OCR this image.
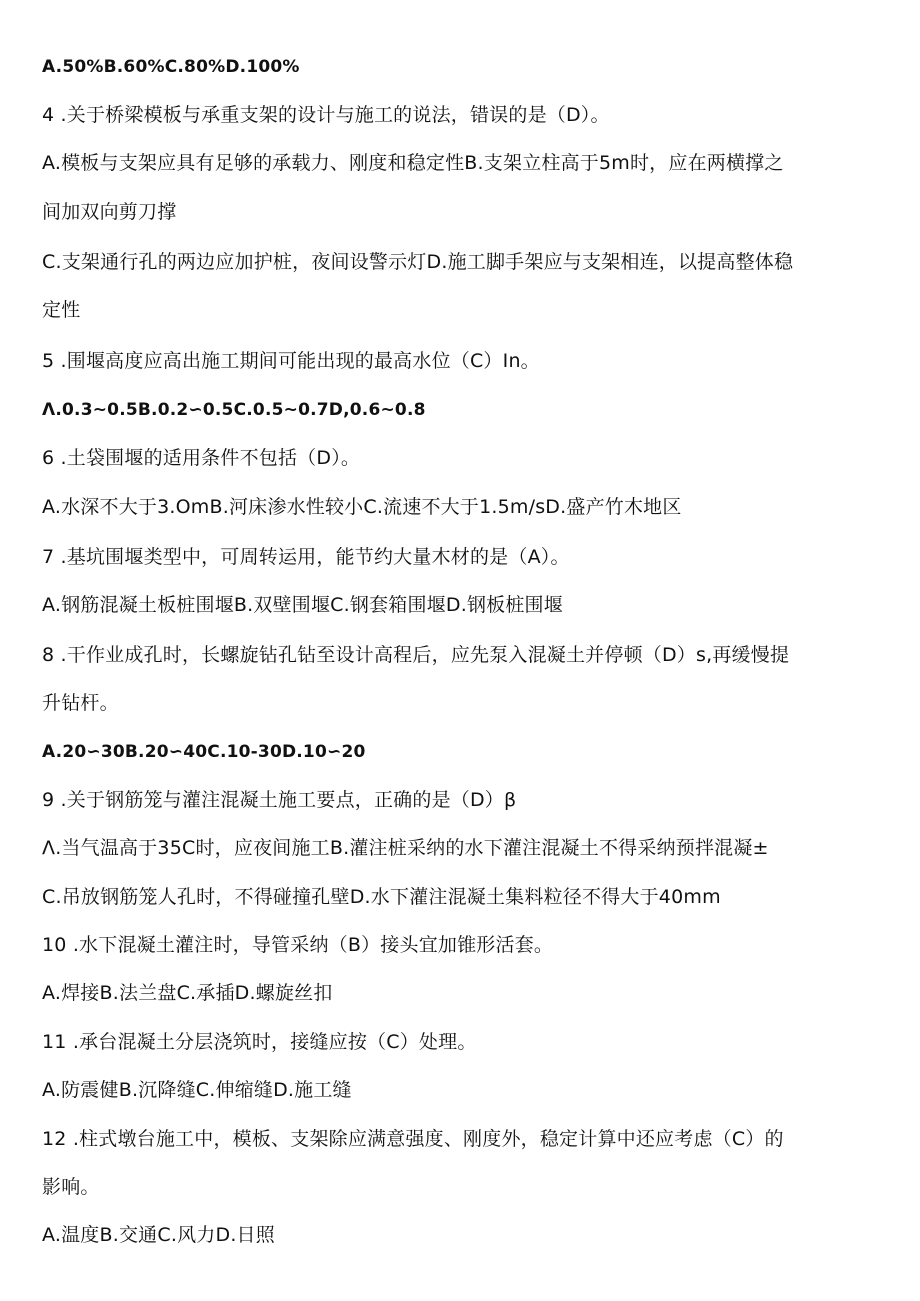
A.50%B.60%C.80%D.100%
4 .关于桥梁模板与承重支架的设计与施工的说法，错误的是（D）。
A.模板与支架应具有足够的承载力、刚度和稳定性B.支架立柱高于5m时，应在两横撑之
间加双向剪刀撑
C.支架通行孔的两边应加护桩，夜间设警示灯D.施工脚手架应与支架相连，以提高整体稳
定性
5 .围堰高度应高出施工期间可能出现的最高水位（C）In。
Λ.0.3~0.5B.0.2∽0.5C.0.5~0.7D,0.6~0.8
6 .土袋围堰的适用条件不包括（D）。
A.水深不大于3.OmB.河床渗水性较小C.流速不大于1.5m/sD.盛产竹木地区
7 .基坑围堰类型中，可周转运用，能节约大量木材的是（A）。
A.钢筋混凝土板桩围堰B.双壁围堰C.钢套箱围堰D.钢板桩围堰
8 .干作业成孔时，长螺旋钻孔钻至设计高程后，应先泵入混凝土并停顿（D）s,再缓慢提
升钻杆。
A.20∽30B.20∽40C.10-30D.10∽20
9 .关于钢筋笼与灌注混凝土施工要点，正确的是（D）β
Λ.当气温高于35C时，应夜间施工B.灌注桩采纳的水下灌注混凝土不得采纳预拌混凝±
C.吊放钢筋笼人孔时，不得碰撞孔壁D.水下灌注混凝土集料粒径不得大于40mm
10 .水下混凝土灌注时，导管采纳（B）接头宜加锥形活套。
A.焊接B.法兰盘C.承插D.螺旋丝扣
11 .承台混凝土分层浇筑时，接缝应按（C）处理。
A.防震健B.沉降缝C.伸缩缝D.施工缝
12 .柱式墩台施工中，模板、支架除应满意强度、刚度外，稳定计算中还应考虑（C）的
影响。
A.温度B.交通C.风力D.日照
